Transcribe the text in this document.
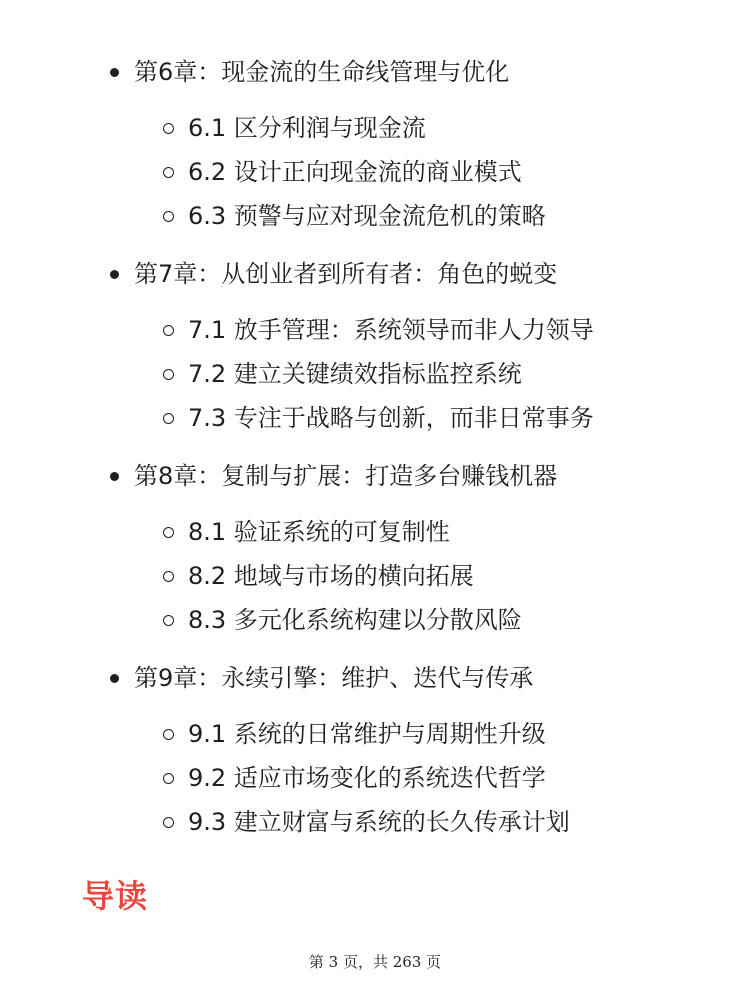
第6章：现金流的生命线管理与优化
6.1 区分利润与现金流
6.2 设计正向现金流的商业模式
6.3 预警与应对现金流危机的策略
第7章：从创业者到所有者：角色的蜕变
7.1 放手管理：系统领导而非人力领导
7.2 建立关键绩效指标监控系统
7.3 专注于战略与创新，而非日常事务
第8章：复制与扩展：打造多台赚钱机器
8.1 验证系统的可复制性
8.2 地域与市场的横向拓展
8.3 多元化系统构建以分散风险
第9章：永续引擎：维护、迭代与传承
9.1 系统的日常维护与周期性升级
9.2 适应市场变化的系统迭代哲学
9.3 建立财富与系统的长久传承计划
导读
第 3 页，共 263 页
